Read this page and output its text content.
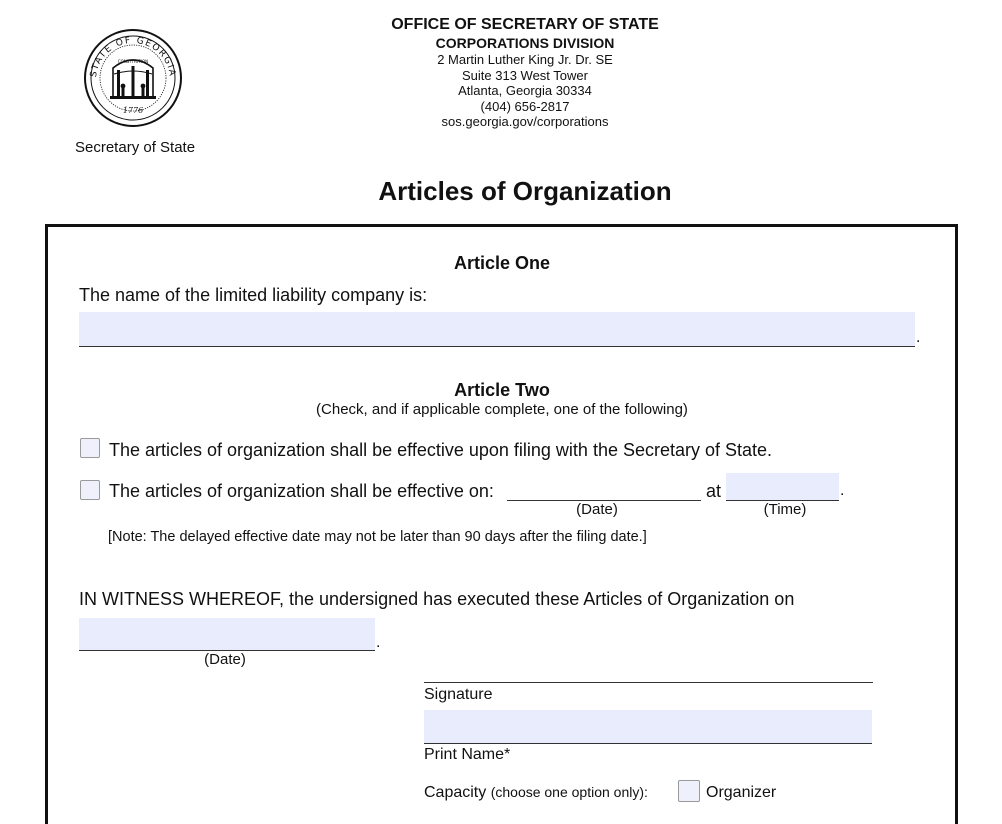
STATE OF GEORGIA
CONSTITUTION
1776
Secretary of State
OFFICE OF SECRETARY OF STATE
CORPORATIONS DIVISION
2 Martin Luther King Jr. Dr. SE
Suite 313 West Tower
Atlanta, Georgia 30334
(404) 656-2817
sos.georgia.gov/corporations
Articles of Organization
Article One
The name of the limited liability company is:
.
Article Two
(Check, and if applicable complete, one of the following)
The articles of organization shall be effective upon filing with the Secretary of State.
The articles of organization shall be effective on:	at	.
(Date)	(Time)
[Note: The delayed effective date may not be later than 90 days after the filing date.]
IN WITNESS WHEREOF, the undersigned has executed these Articles of Organization on
.
(Date)
Signature
Print Name*
Capacity (choose one option only):	Organizer
